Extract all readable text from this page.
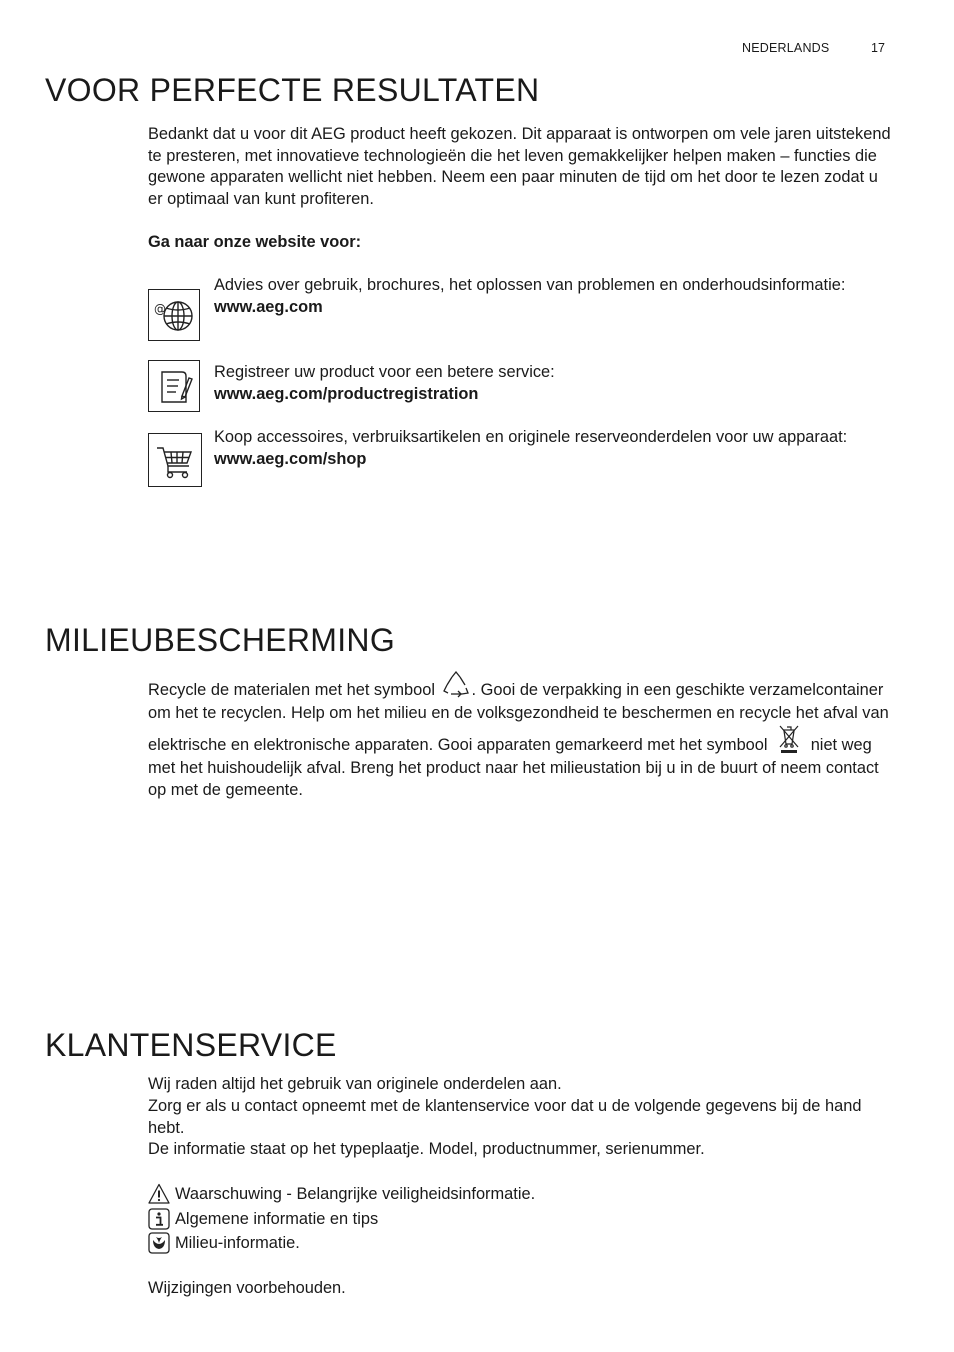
NEDERLANDS	17
VOOR PERFECTE RESULTATEN

Bedankt dat u voor dit AEG product heeft gekozen. Dit apparaat is ontworpen om vele jaren uitstekend te presteren, met innovatieve technologieën die het leven gemakkelijker helpen maken – functies die gewone apparaten wellicht niet hebben. Neem een paar minuten de tijd om het door te lezen zodat u er optimaal van kunt profiteren.

Ga naar onze website voor:

@
Advies over gebruik, brochures, het oplossen van problemen en onderhoudsinformatie:
www.aeg.com
Registreer uw product voor een betere service:
www.aeg.com/productregistration
Koop accessoires, verbruiksartikelen en originele reserveonderdelen voor uw apparaat:
www.aeg.com/shop
MILIEUBESCHERMING

Recycle de materialen met het symbool . Gooi de verpakking in een geschikte verzamelcontainer om het te recyclen. Help om het milieu en de volksgezondheid te beschermen en recycle het afval van elektrische en elektronische apparaten. Gooi apparaten gemarkeerd met het symbool	niet weg met het huishoudelijk afval. Breng het product naar het milieustation bij u in de buurt of neem contact op met de gemeente.

KLANTENSERVICE

Wij raden altijd het gebruik van originele onderdelen aan.

Zorg er als u contact opneemt met de klantenservice voor dat u de volgende gegevens bij de hand hebt.

De informatie staat op het typeplaatje. Model, productnummer, serienummer.

Waarschuwing - Belangrijke veiligheidsinformatie.
Algemene informatie en tips
Milieu-informatie.

Wijzigingen voorbehouden.
